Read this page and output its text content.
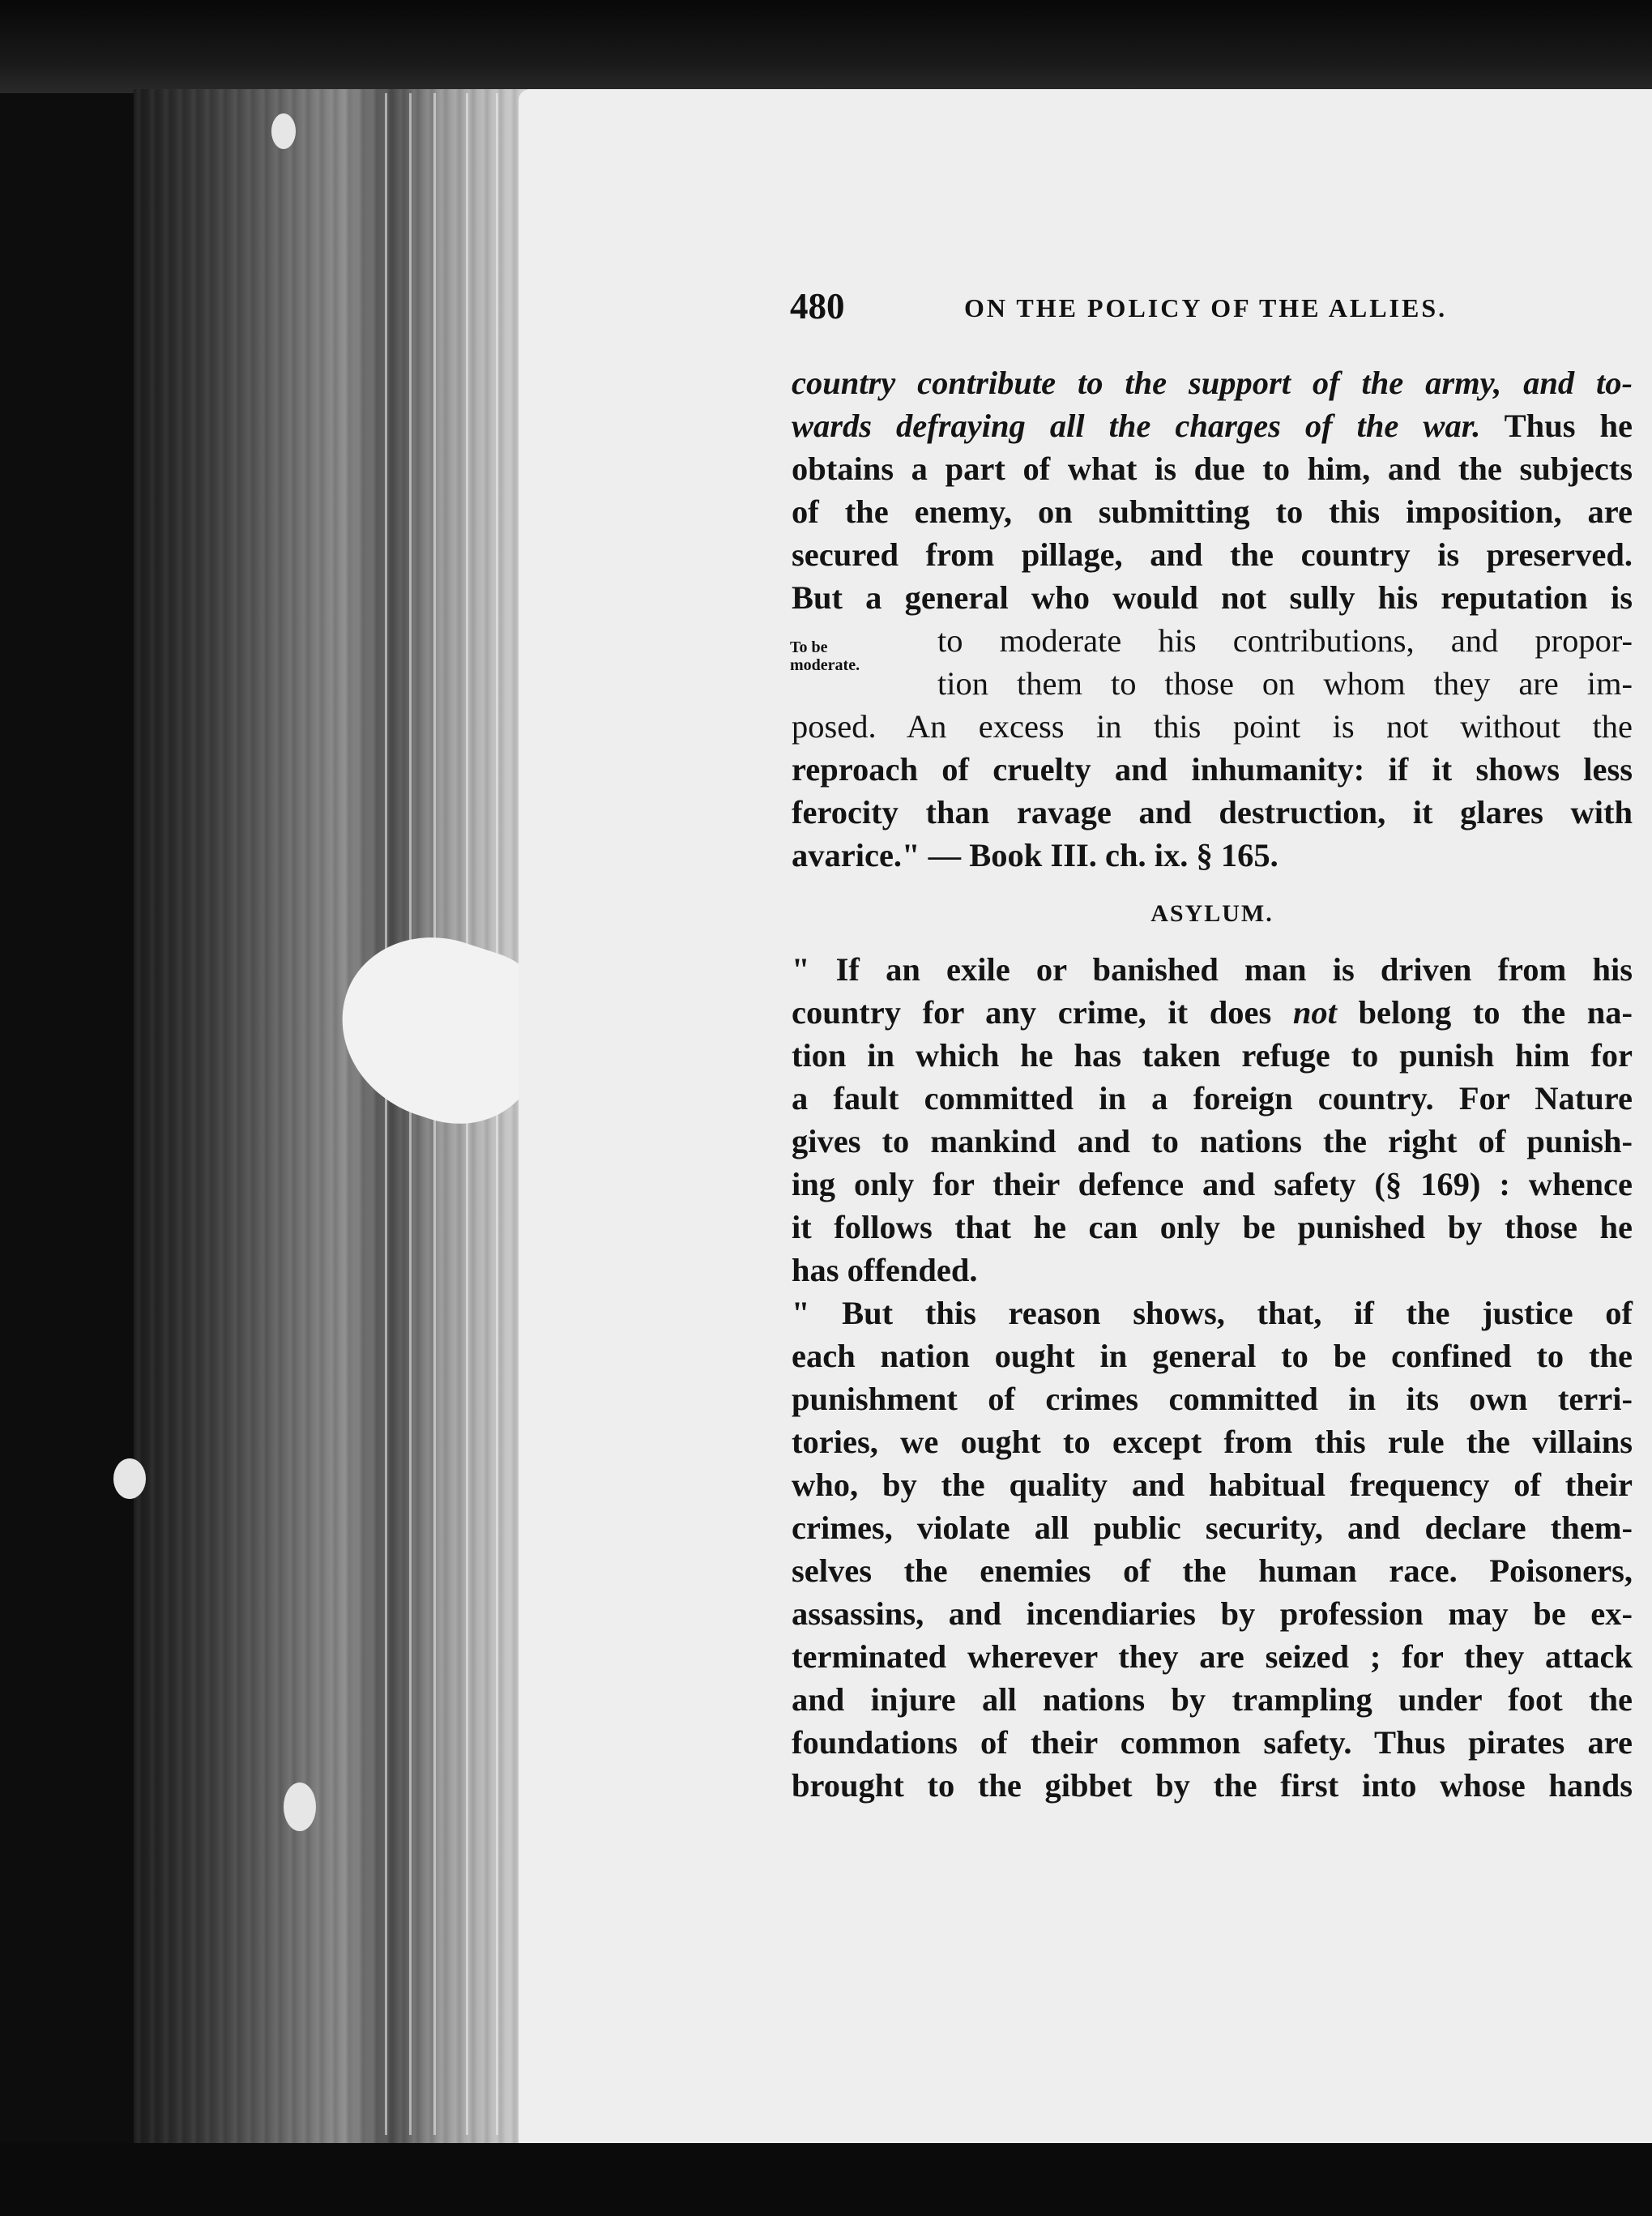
480	ON THE POLICY OF THE ALLIES.
To be
moderate.
country contribute to the support of the army, and to-
wards defraying all the charges of the war. Thus he
obtains a part of what is due to him, and the subjects
of the enemy, on submitting to this imposition, are
secured from pillage, and the country is preserved.
But a general who would not sully his reputation is
to moderate his contributions, and propor-
tion them to those on whom they are im-
posed. An excess in this point is not without the
reproach of cruelty and inhumanity: if it shows less
ferocity than ravage and destruction, it glares with
avarice." — Book III. ch. ix. § 165.
ASYLUM.
" If an exile or banished man is driven from his
country for any crime, it does not belong to the na-
tion in which he has taken refuge to punish him for
a fault committed in a foreign country. For Nature
gives to mankind and to nations the right of punish-
ing only for their defence and safety (§ 169) : whence
it follows that he can only be punished by those he
has offended.
" But this reason shows, that, if the justice of
each nation ought in general to be confined to the
punishment of crimes committed in its own terri-
tories, we ought to except from this rule the villains
who, by the quality and habitual frequency of their
crimes, violate all public security, and declare them-
selves the enemies of the human race. Poisoners,
assassins, and incendiaries by profession may be ex-
terminated wherever they are seized ; for they attack
and injure all nations by trampling under foot the
foundations of their common safety. Thus pirates are
brought to the gibbet by the first into whose hands
